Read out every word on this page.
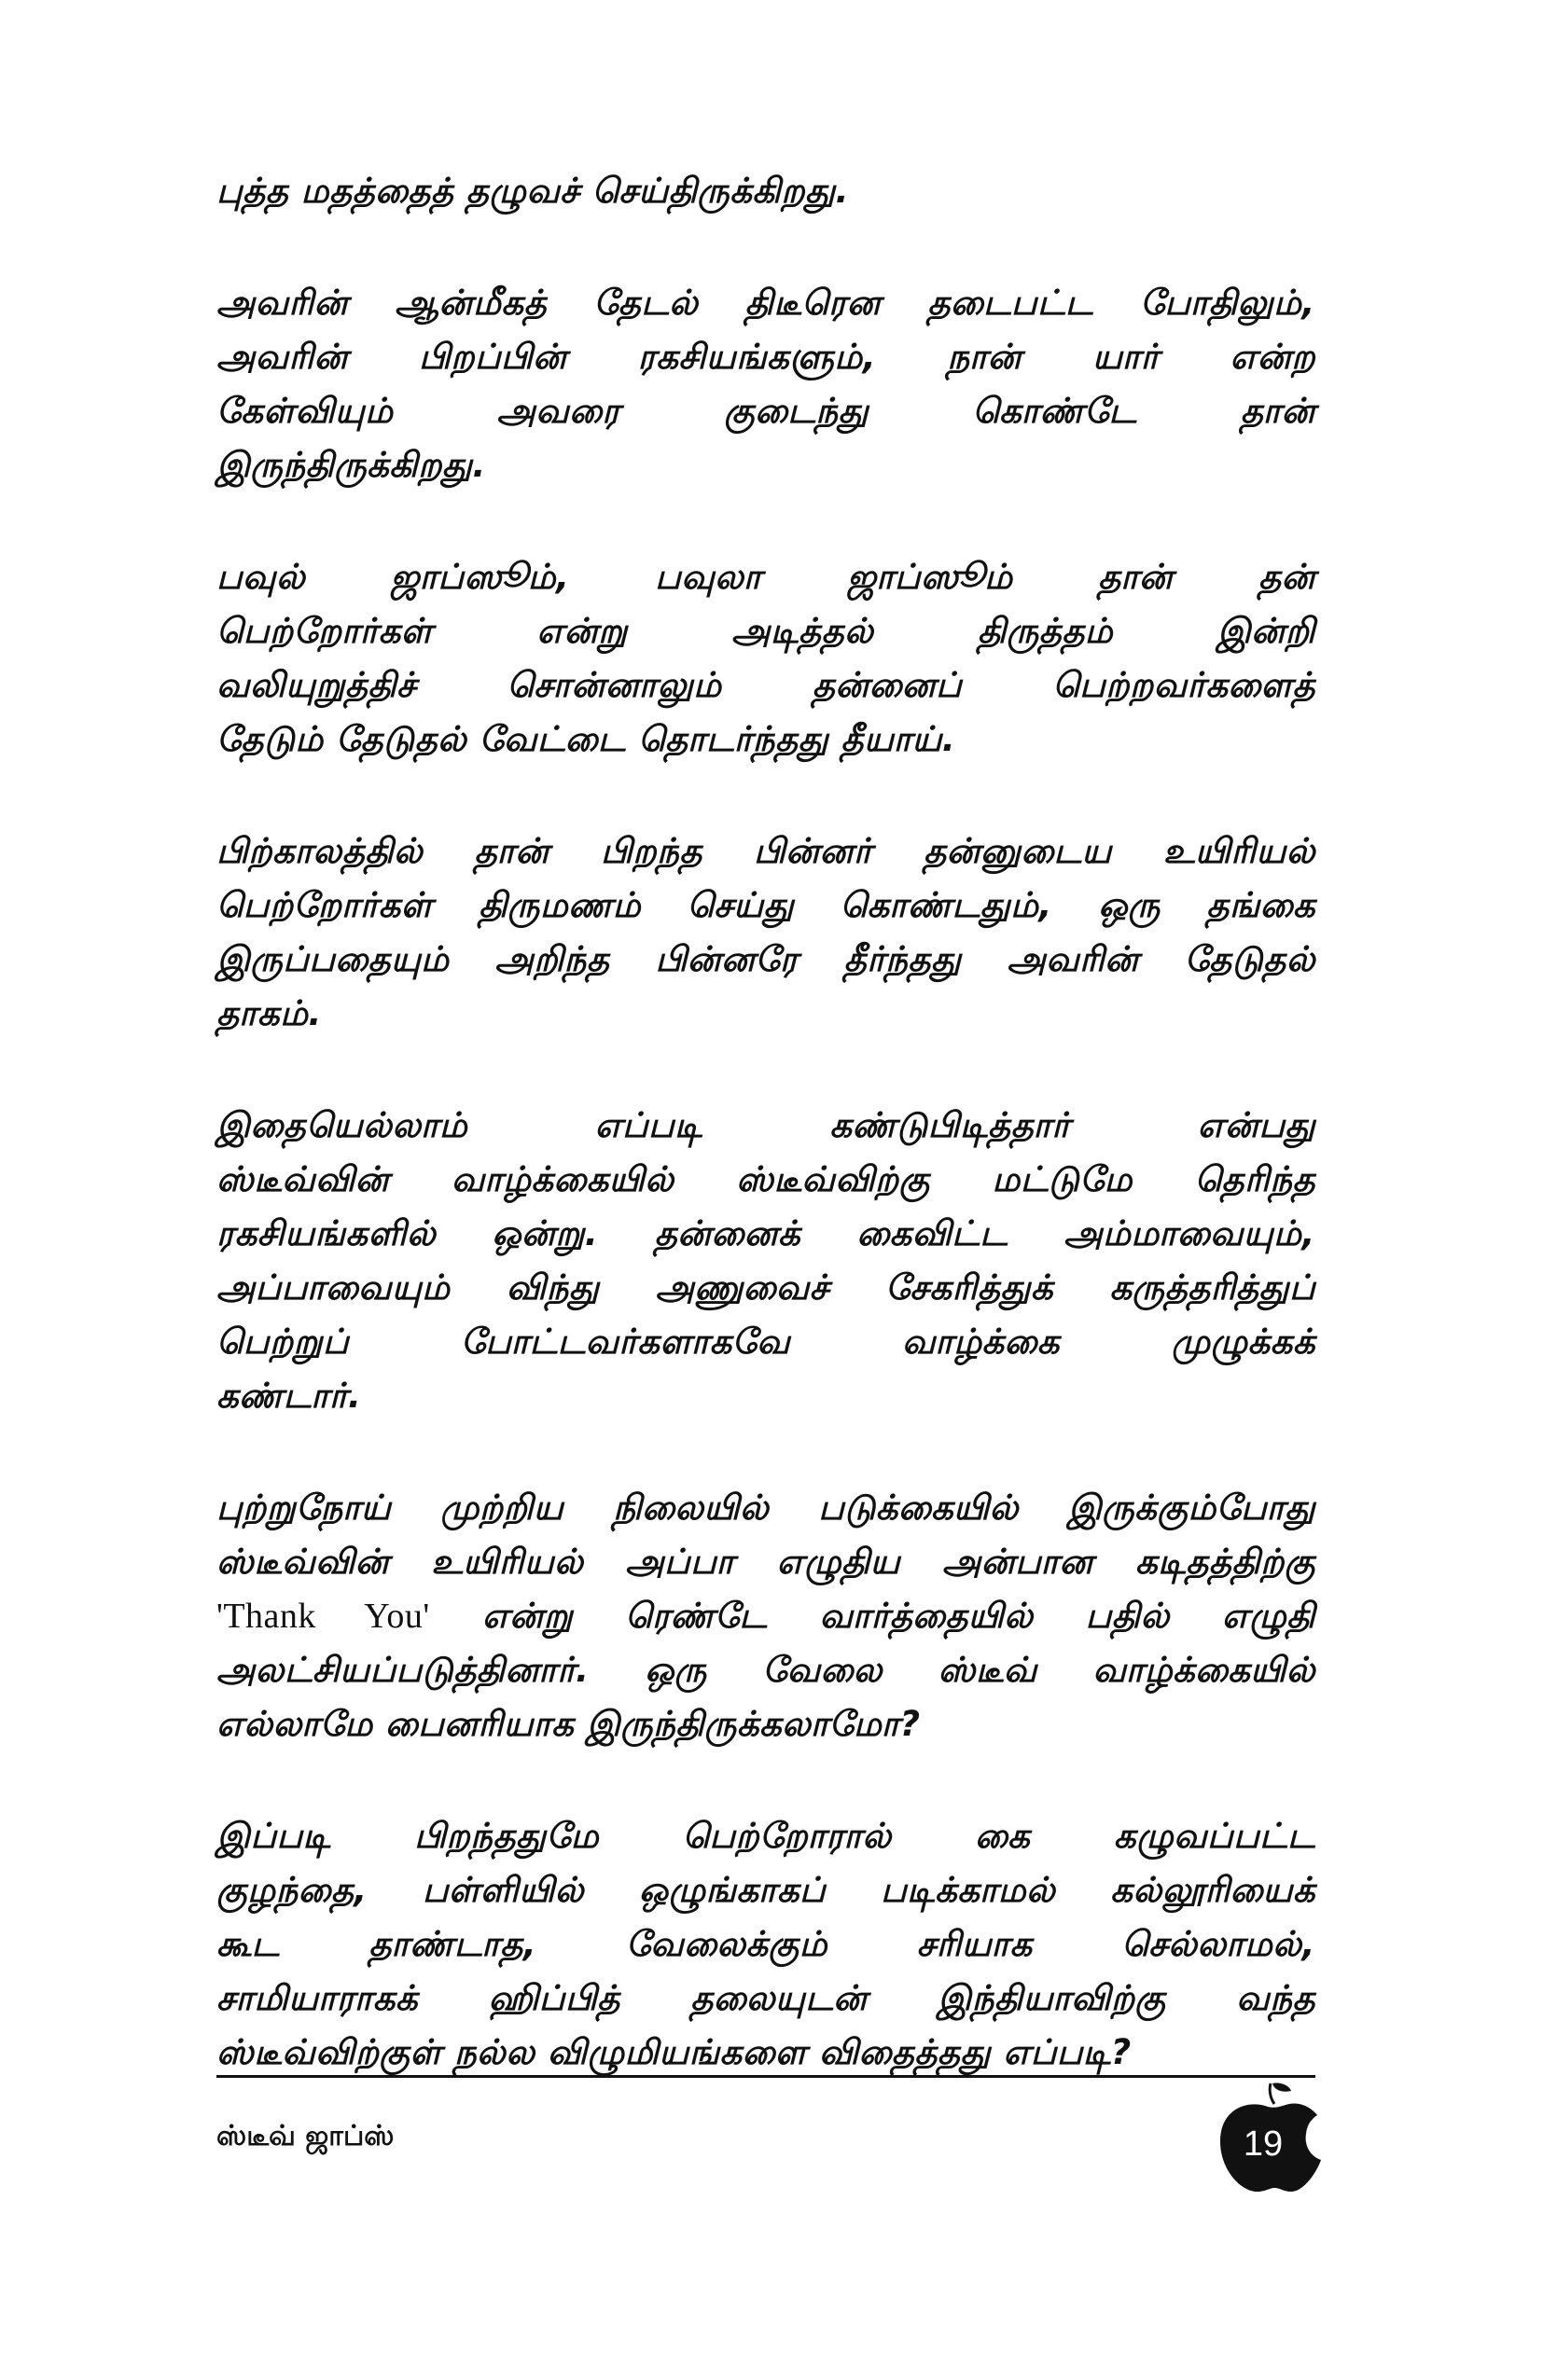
புத்த மதத்தைத் தழுவச் செய்திருக்கிறது.

அவரின் ஆன்மீகத் தேடல் திடீரென தடைபட்ட போதிலும்,
அவரின் பிறப்பின் ரகசியங்களும், நான் யார் என்ற
கேள்வியும் அவரை குடைந்து கொண்டே தான்
இருந்திருக்கிறது.

பவுல் ஜாப்ஸூம், பவுலா ஜாப்ஸூம் தான் தன்
பெற்றோர்கள் என்று அடித்தல் திருத்தம் இன்றி
வலியுறுத்திச் சொன்னாலும் தன்னைப் பெற்றவர்களைத்
தேடும் தேடுதல் வேட்டை தொடர்ந்தது தீயாய்.

பிற்காலத்தில் தான் பிறந்த பின்னர் தன்னுடைய உயிரியல்
பெற்றோர்கள் திருமணம் செய்து கொண்டதும், ஒரு தங்கை
இருப்பதையும் அறிந்த பின்னரே தீர்ந்தது அவரின் தேடுதல்
தாகம்.

இதையெல்லாம் எப்படி கண்டுபிடித்தார் என்பது
ஸ்டீவ்வின் வாழ்க்கையில் ஸ்டீவ்விற்கு மட்டுமே தெரிந்த
ரகசியங்களில் ஒன்று. தன்னைக் கைவிட்ட அம்மாவையும்,
அப்பாவையும் விந்து அணுவைச் சேகரித்துக் கருத்தரித்துப்
பெற்றுப் போட்டவர்களாகவே வாழ்க்கை முழுக்கக்
கண்டார்.

புற்றுநோய் முற்றிய நிலையில் படுக்கையில் இருக்கும்போது
ஸ்டீவ்வின் உயிரியல் அப்பா எழுதிய அன்பான கடிதத்திற்கு
'Thank You' என்று ரெண்டே வார்த்தையில் பதில் எழுதி
அலட்சியப்படுத்தினார். ஒரு வேலை ஸ்டீவ் வாழ்க்கையில்
எல்லாமே பைனரியாக இருந்திருக்கலாமோ?

இப்படி பிறந்ததுமே பெற்றோரால் கை கழுவப்பட்ட
குழந்தை, பள்ளியில் ஒழுங்காகப் படிக்காமல் கல்லூரியைக்
கூட தாண்டாத, வேலைக்கும் சரியாக செல்லாமல்,
சாமியாராகக் ஹிப்பித் தலையுடன் இந்தியாவிற்கு வந்த
ஸ்டீவ்விற்குள் நல்ல விழுமியங்களை விதைத்தது எப்படி?

ஸ்டீவ் ஜாப்ஸ்	19
